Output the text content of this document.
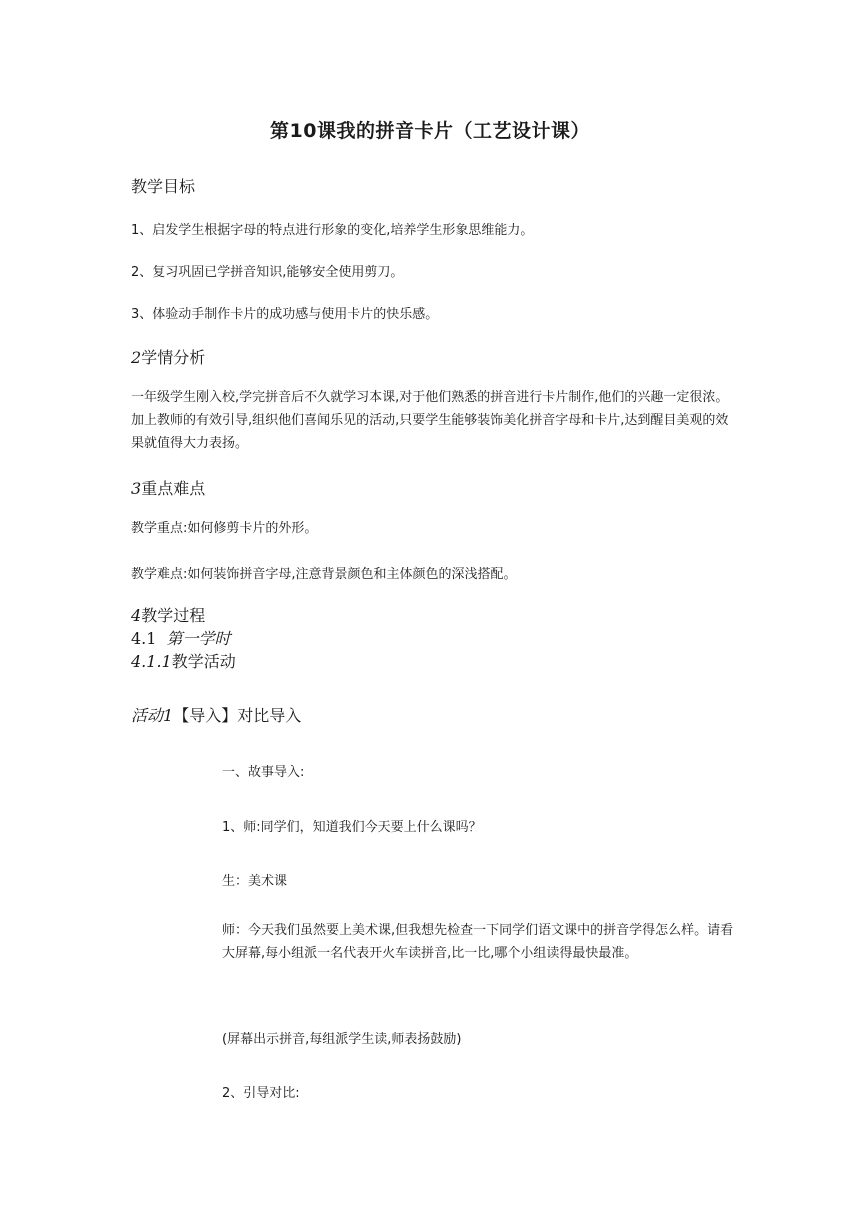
第10课我的拼音卡片（工艺设计课）
教学目标
1、启发学生根据字母的特点进行形象的变化,培养学生形象思维能力。
2、复习巩固已学拼音知识,能够安全使用剪刀。
3、体验动手制作卡片的成功感与使用卡片的快乐感。
2学情分析

一年级学生刚入校,学完拼音后不久就学习本课,对于他们熟悉的拼音进行卡片制作,他们的兴趣一定很浓。加上教师的有效引导,组织他们喜闻乐见的活动,只要学生能够装饰美化拼音字母和卡片,达到醒目美观的效果就值得大力表扬。

3重点难点
教学重点:如何修剪卡片的外形。
教学难点:如何装饰拼音字母,注意背景颜色和主体颜色的深浅搭配。
4教学过程
4.1 第一学时
4.1.1教学活动
活动1【导入】对比导入
一、故事导入:
1、师:同学们，知道我们今天要上什么课吗？
生：美术课

师：今天我们虽然要上美术课,但我想先检查一下同学们语文课中的拼音学得怎么样。请看大屏幕,每小组派一名代表开火车读拼音,比一比,哪个小组读得最快最准。

(屏幕出示拼音,每组派学生读,师表扬鼓励)
2、引导对比:
